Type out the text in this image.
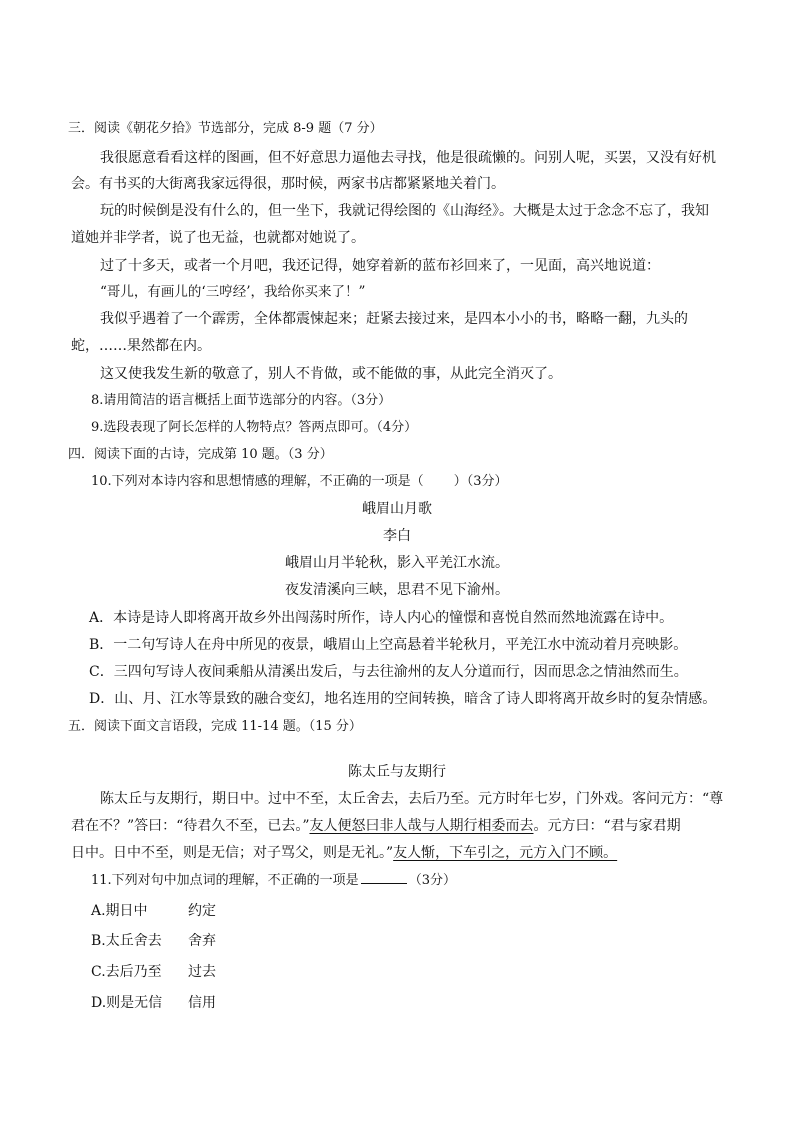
三．阅读《朝花夕拾》节选部分，完成 8-9 题（7 分）
我很愿意看看这样的图画，但不好意思力逼他去寻找，他是很疏懒的。问别人呢，买罢，又没有好机
会。有书买的大街离我家远得很，那时候，两家书店都紧紧地关着门。
玩的时候倒是没有什么的，但一坐下，我就记得绘图的《山海经》。大概是太过于念念不忘了，我知
道她并非学者，说了也无益，也就都对她说了。
过了十多天，或者一个月吧，我还记得，她穿着新的蓝布衫回来了，一见面，高兴地说道：
“哥儿，有画儿的‘三哼经’，我给你买来了！”
我似乎遇着了一个霹雳，全体都震悚起来；赶紧去接过来，是四本小小的书，略略一翻，九头的
蛇，……果然都在内。
这又使我发生新的敬意了，别人不肯做，或不能做的事，从此完全消灭了。
8.请用简洁的语言概括上面节选部分的内容。（3分）
9.选段表现了阿长怎样的人物特点？答两点即可。（4分）
四．阅读下面的古诗，完成第 10 题。（3 分）
10.下列对本诗内容和思想情感的理解，不正确的一项是（ ）（3分）
峨眉山月歌
李白
峨眉山月半轮秋，影入平羌江水流。
夜发清溪向三峡，思君不见下渝州。
A．本诗是诗人即将离开故乡外出闯荡时所作，诗人内心的憧憬和喜悦自然而然地流露在诗中。
B．一二句写诗人在舟中所见的夜景，峨眉山上空高悬着半轮秋月，平羌江水中流动着月亮映影。
C．三四句写诗人夜间乘船从清溪出发后，与去往渝州的友人分道而行，因而思念之情油然而生。
D．山、月、江水等景致的融合变幻，地名连用的空间转换，暗含了诗人即将离开故乡时的复杂情感。
五．阅读下面文言语段，完成 11-14 题。（15 分）
陈太丘与友期行
陈太丘与友期行，期日中。过中不至，太丘舍去，去后乃至。元方时年七岁，门外戏。客问元方：“尊
君在不？”答曰：“待君久不至，已去。”友人便怒曰非人哉与人期行相委而去。元方曰：“君与家君期
日中。日中不至，则是无信；对子骂父，则是无礼。”友人惭，下车引之，元方入门不顾。
11.下列对句中加点词的理解，不正确的一项是	（3分）
A.期日中	约定
B.太丘舍去 舍弃
C.去后乃至 过去
D.则是无信 信用
